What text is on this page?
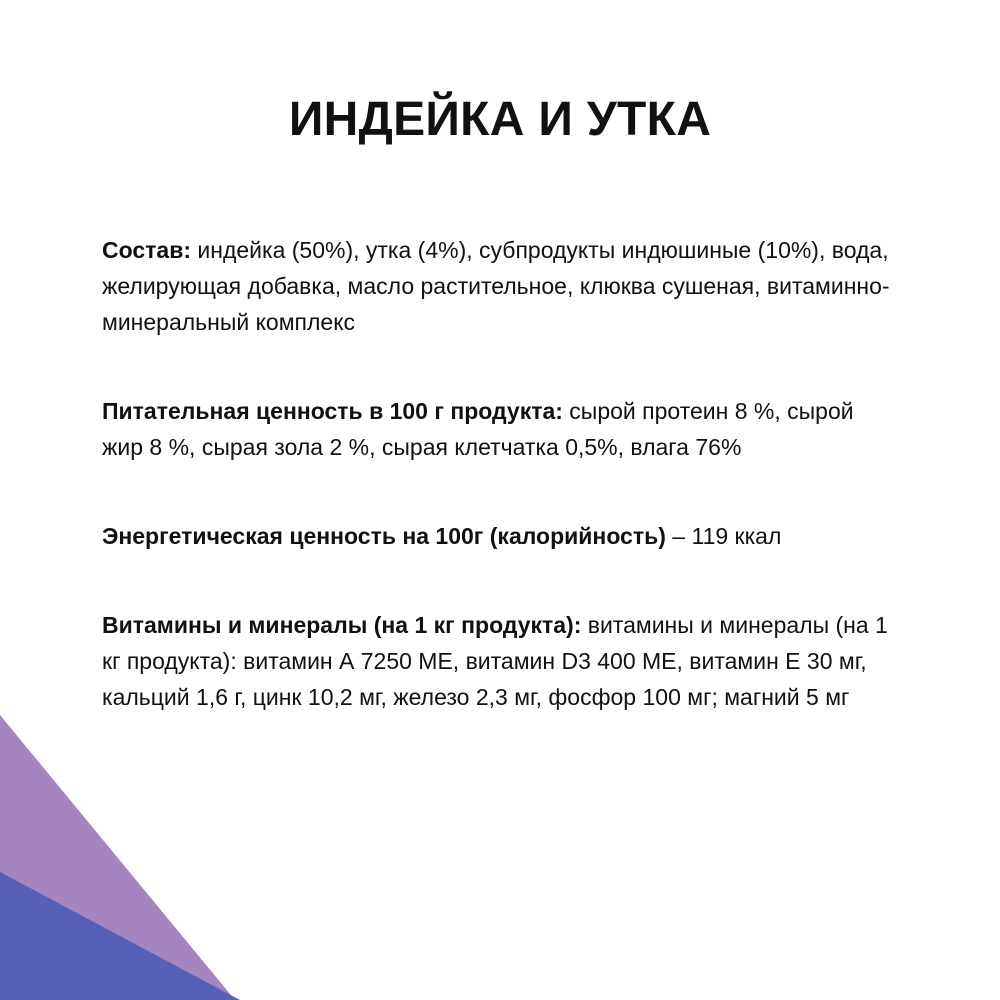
ИНДЕЙКА И УТКА

Состав: индейка (50%), утка (4%), субпродукты индюшиные (10%), вода, желирующая добавка, масло растительное, клюква сушеная, витаминно-минеральный комплекс

Питательная ценность в 100 г продукта: сырой протеин 8 %, сырой жир 8 %, сырая зола 2 %, сырая клетчатка 0,5%, влага 76%

Энергетическая ценность на 100г (калорийность) – 119 ккал

Витамины и минералы (на 1 кг продукта): витамины и минералы (на 1 кг продукта): витамин А 7250 МЕ, витамин D3 400 МЕ, витамин Е 30 мг, кальций 1,6 г, цинк 10,2 мг, железо 2,3 мг, фосфор 100 мг; магний 5 мг
